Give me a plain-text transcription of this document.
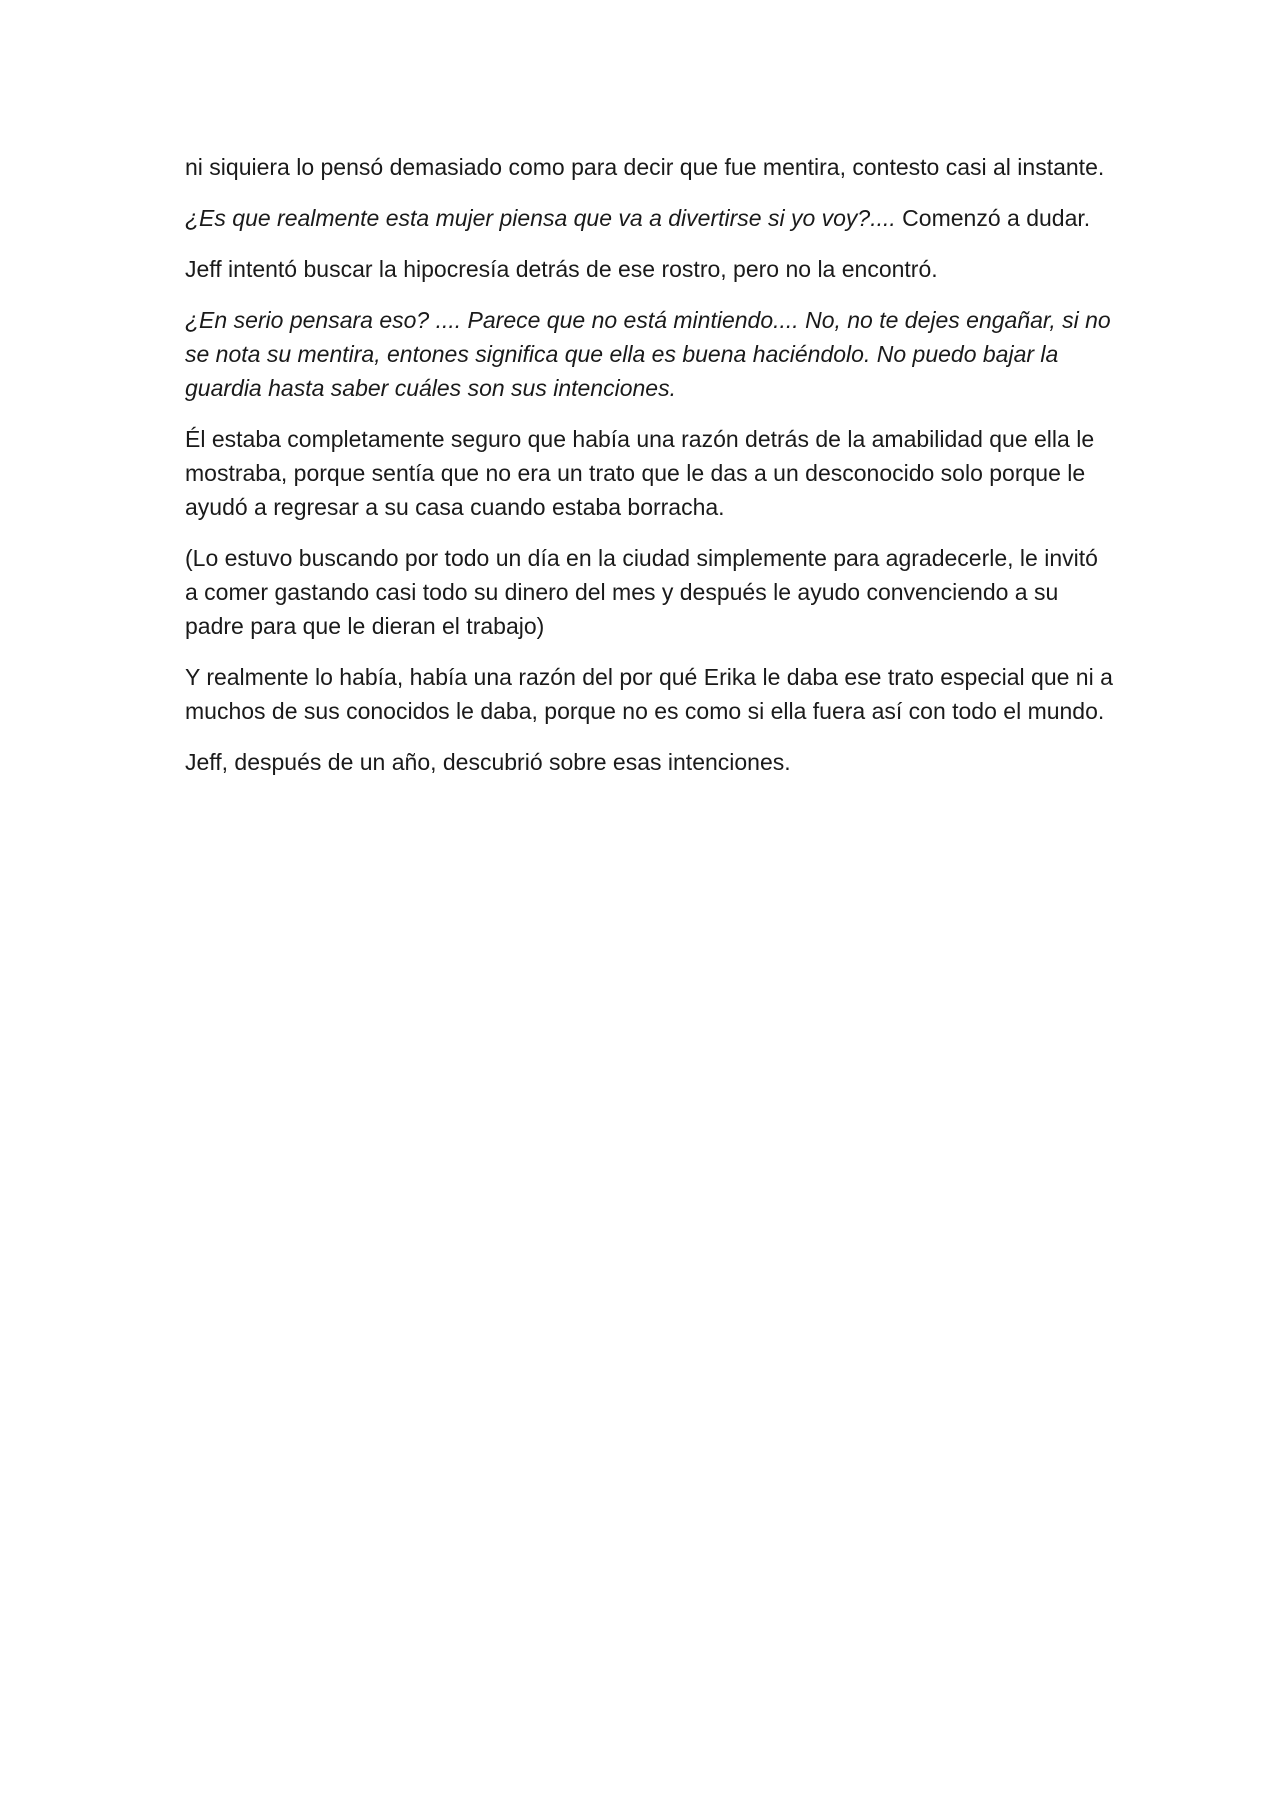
ni siquiera lo pensó demasiado como para decir que fue mentira, contesto casi al instante.

¿Es que realmente esta mujer piensa que va a divertirse si yo voy?.... Comenzó a dudar.

Jeff intentó buscar la hipocresía detrás de ese rostro, pero no la encontró.

¿En serio pensara eso? .... Parece que no está mintiendo.... No, no te dejes engañar, si no se nota su mentira, entones significa que ella es buena haciéndolo. No puedo bajar la guardia hasta saber cuáles son sus intenciones.

Él estaba completamente seguro que había una razón detrás de la amabilidad que ella le mostraba, porque sentía que no era un trato que le das a un desconocido solo porque le ayudó a regresar a su casa cuando estaba borracha.

(Lo estuvo buscando por todo un día en la ciudad simplemente para agradecerle, le invitó a comer gastando casi todo su dinero del mes y después le ayudo convenciendo a su padre para que le dieran el trabajo)

Y realmente lo había, había una razón del por qué Erika le daba ese trato especial que ni a muchos de sus conocidos le daba, porque no es como si ella fuera así con todo el mundo.

Jeff, después de un año, descubrió sobre esas intenciones.
